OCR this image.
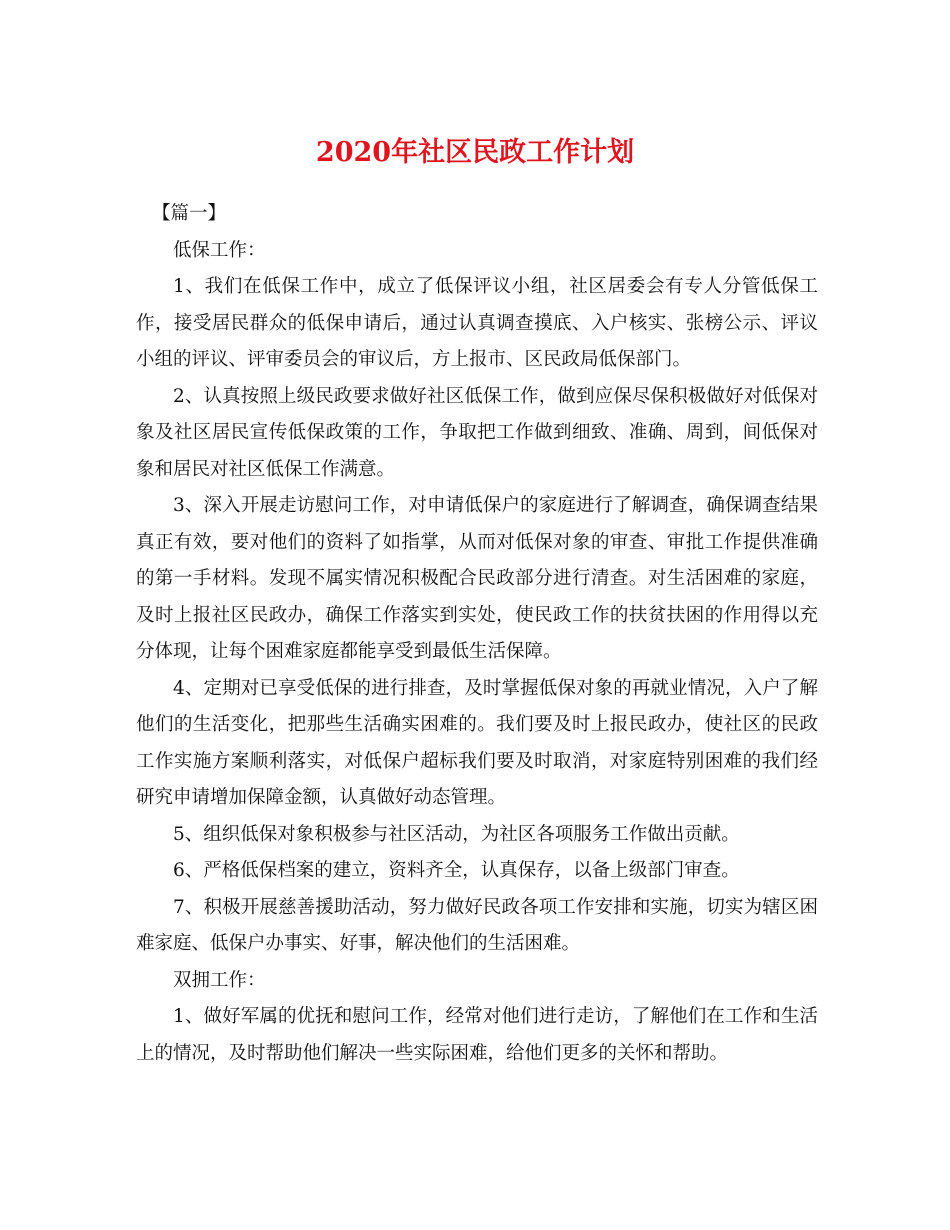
2020年社区民政工作计划

【篇一】

低保工作：

1、我们在低保工作中，成立了低保评议小组，社区居委会有专人分管低保工作，接受居民群众的低保申请后，通过认真调查摸底、入户核实、张榜公示、评议小组的评议、评审委员会的审议后，方上报市、区民政局低保部门。

2、认真按照上级民政要求做好社区低保工作，做到应保尽保积极做好对低保对象及社区居民宣传低保政策的工作，争取把工作做到细致、准确、周到，间低保对象和居民对社区低保工作满意。

3、深入开展走访慰问工作，对申请低保户的家庭进行了解调查，确保调查结果真正有效，要对他们的资料了如指掌，从而对低保对象的审查、审批工作提供准确的第一手材料。发现不属实情况积极配合民政部分进行清查。对生活困难的家庭，及时上报社区民政办，确保工作落实到实处，使民政工作的扶贫扶困的作用得以充分体现，让每个困难家庭都能享受到最低生活保障。

4、定期对已享受低保的进行排查，及时掌握低保对象的再就业情况，入户了解他们的生活变化，把那些生活确实困难的。我们要及时上报民政办，使社区的民政工作实施方案顺利落实，对低保户超标我们要及时取消，对家庭特别困难的我们经研究申请增加保障金额，认真做好动态管理。

5、组织低保对象积极参与社区活动，为社区各项服务工作做出贡献。

6、严格低保档案的建立，资料齐全，认真保存，以备上级部门审查。

7、积极开展慈善援助活动，努力做好民政各项工作安排和实施，切实为辖区困难家庭、低保户办事实、好事，解决他们的生活困难。

双拥工作：

1、做好军属的优抚和慰问工作，经常对他们进行走访，了解他们在工作和生活上的情况，及时帮助他们解决一些实际困难，给他们更多的关怀和帮助。
